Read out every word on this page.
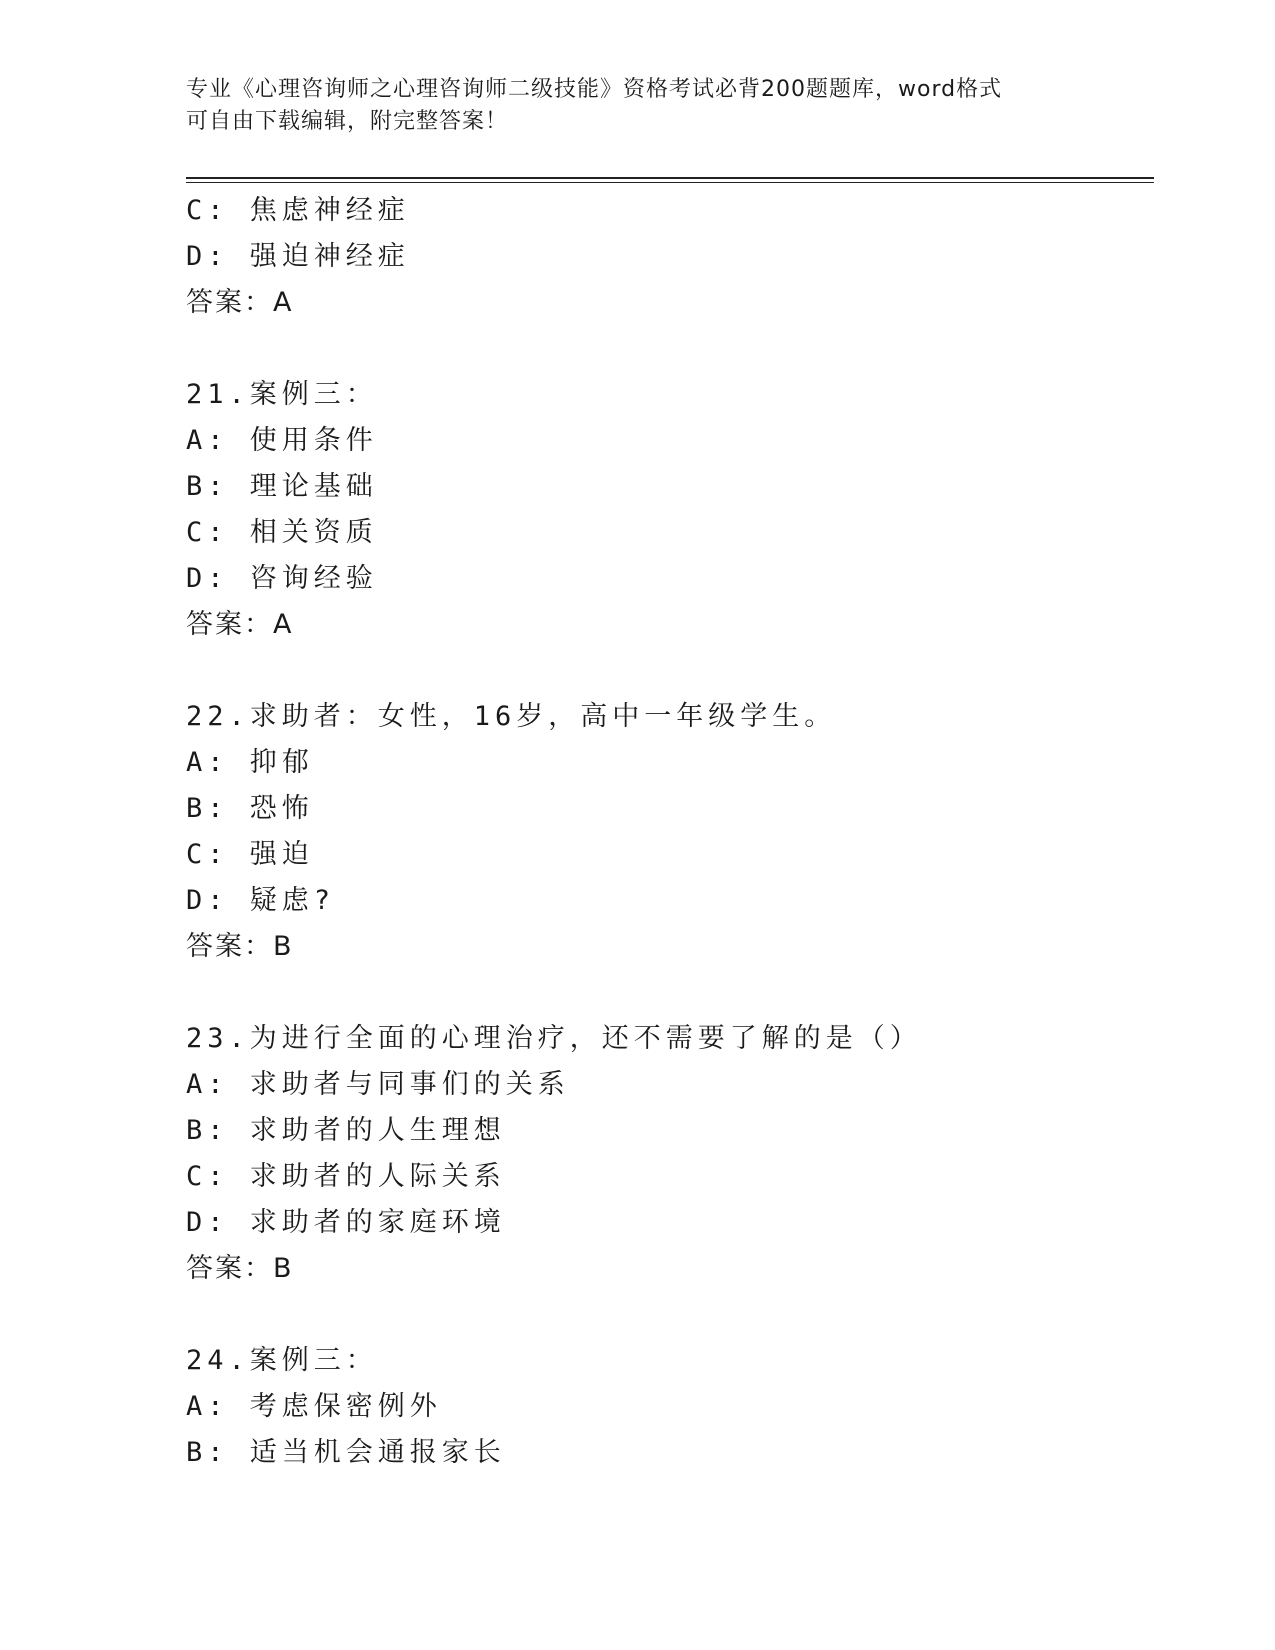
专业《心理咨询师之心理咨询师二级技能》资格考试必背200题题库，word格式
可自由下载编辑，附完整答案！
C: 焦虑神经症
D: 强迫神经症
答案：A
21.案例三：
A: 使用条件
B: 理论基础
C: 相关资质
D: 咨询经验
答案：A
22.求助者：女性，16岁，高中一年级学生。
A: 抑郁
B: 恐怖
C: 强迫
D: 疑虑?
答案：B
23.为进行全面的心理治疗，还不需要了解的是（）
A: 求助者与同事们的关系
B: 求助者的人生理想
C: 求助者的人际关系
D: 求助者的家庭环境
答案：B
24.案例三：
A: 考虑保密例外
B: 适当机会通报家长
